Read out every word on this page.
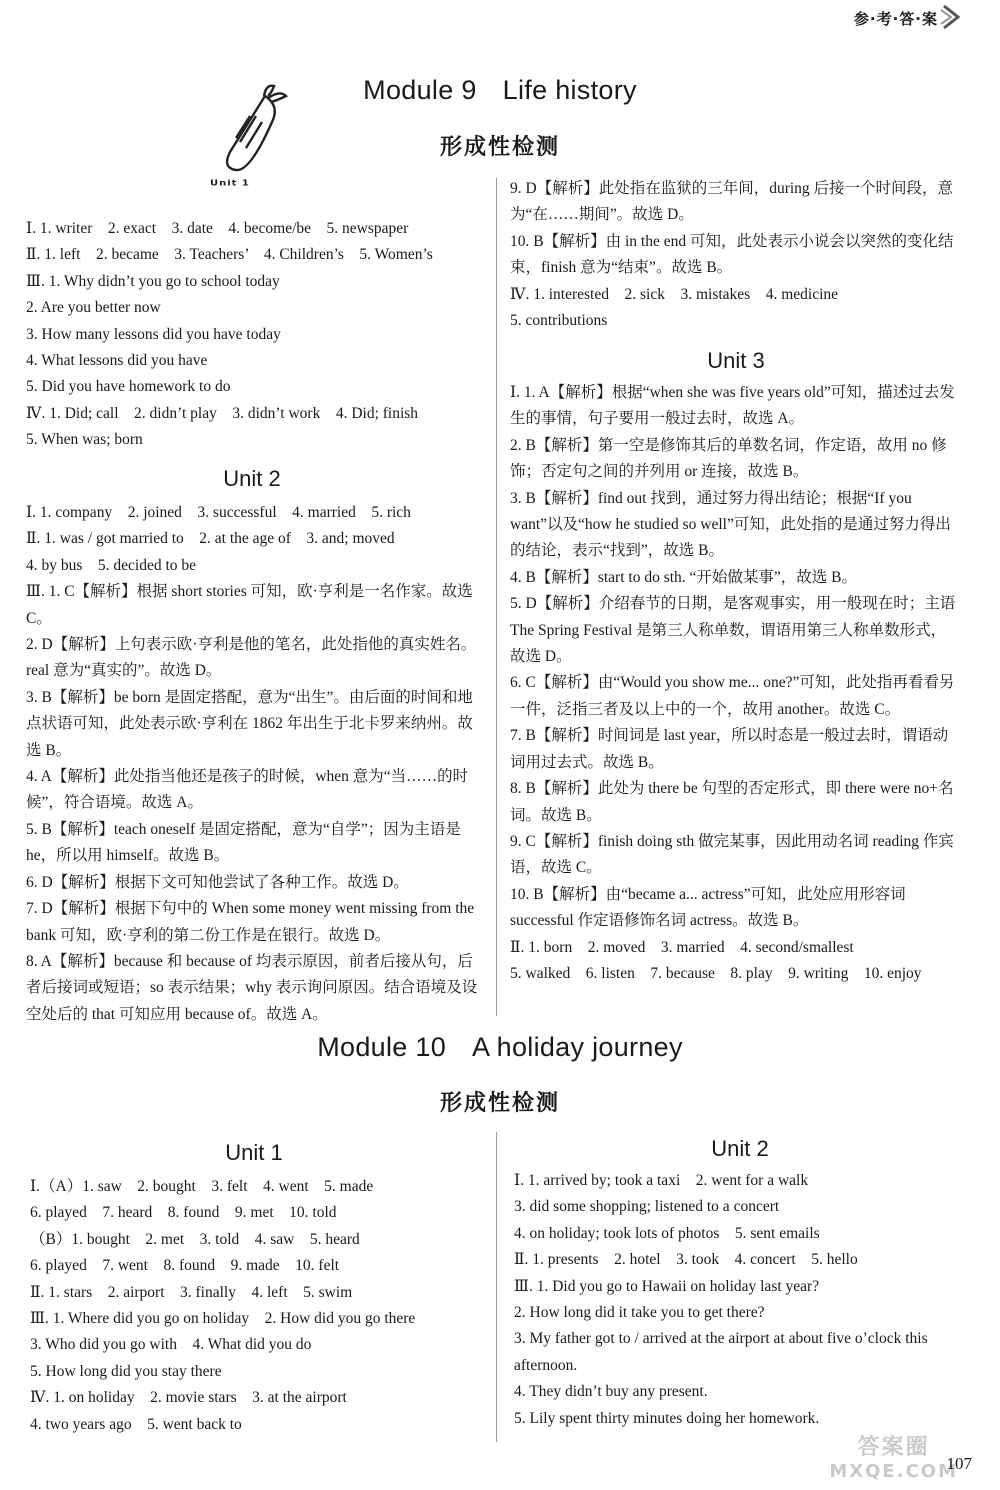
参·考·答·案
Unit 1
Module 9 Life history
形成性检测

Ⅰ. 1. writer　2. exact　3. date　4. become/be　5. newspaper

Ⅱ. 1. left　2. became　3. Teachers’　4. Children’s　5. Women’s

Ⅲ. 1. Why didn’t you go to school today

2. Are you better now

3. How many lessons did you have today

4. What lessons did you have

5. Did you have homework to do

Ⅳ. 1. Did; call　2. didn’t play　3. didn’t work　4. Did; finish

5. When was; born

Unit 2

Ⅰ. 1. company　2. joined　3. successful　4. married　5. rich

Ⅱ. 1. was / got married to　2. at the age of　3. and; moved

4. by bus　5. decided to be

Ⅲ. 1. C【解析】根据 short stories 可知，欧·亨利是一名作家。故选 C。

2. D【解析】上句表示欧·亨利是他的笔名，此处指他的真实姓名。real 意为“真实的”。故选 D。

3. B【解析】be born 是固定搭配，意为“出生”。由后面的时间和地点状语可知，此处表示欧·亨利在 1862 年出生于北卡罗来纳州。故选 B。

4. A【解析】此处指当他还是孩子的时候，when 意为“当……的时候”，符合语境。故选 A。

5. B【解析】teach oneself 是固定搭配，意为“自学”；因为主语是 he，所以用 himself。故选 B。

6. D【解析】根据下文可知他尝试了各种工作。故选 D。

7. D【解析】根据下句中的 When some money went missing from the bank 可知，欧·亨利的第二份工作是在银行。故选 D。

8. A【解析】because 和 because of 均表示原因，前者后接从句，后者后接词或短语；so 表示结果；why 表示询问原因。结合语境及设空处后的 that 可知应用 because of。故选 A。

9. D【解析】此处指在监狱的三年间，during 后接一个时间段，意为“在……期间”。故选 D。

10. B【解析】由 in the end 可知，此处表示小说会以突然的变化结束，finish 意为“结束”。故选 B。

Ⅳ. 1. interested　2. sick　3. mistakes　4. medicine

5. contributions

Unit 3

Ⅰ. 1. A【解析】根据“when she was five years old”可知，描述过去发生的事情，句子要用一般过去时，故选 A。

2. B【解析】第一空是修饰其后的单数名词，作定语，故用 no 修饰；否定句之间的并列用 or 连接，故选 B。

3. B【解析】find out 找到，通过努力得出结论；根据“If you want”以及“how he studied so well”可知，此处指的是通过努力得出的结论，表示“找到”，故选 B。

4. B【解析】start to do sth. “开始做某事”，故选 B。

5. D【解析】介绍春节的日期，是客观事实，用一般现在时；主语 The Spring Festival 是第三人称单数，谓语用第三人称单数形式，故选 D。

6. C【解析】由“Would you show me... one?”可知，此处指再看看另一件，泛指三者及以上中的一个，故用 another。故选 C。

7. B【解析】时间词是 last year，所以时态是一般过去时，谓语动词用过去式。故选 B。

8. B【解析】此处为 there be 句型的否定形式，即 there were no+名词。故选 B。

9. C【解析】finish doing sth 做完某事，因此用动名词 reading 作宾语，故选 C。

10. B【解析】由“became a... actress”可知，此处应用形容词 successful 作定语修饰名词 actress。故选 B。

Ⅱ. 1. born　2. moved　3. married　4. second/smallest

5. walked　6. listen　7. because　8. play　9. writing　10. enjoy

Module 10 A holiday journey
形成性检测
Unit 1

Ⅰ.（A）1. saw　2. bought　3. felt　4. went　5. made

6. played　7. heard　8. found　9. met　10. told

（B）1. bought　2. met　3. told　4. saw　5. heard

6. played　7. went　8. found　9. made　10. felt

Ⅱ. 1. stars　2. airport　3. finally　4. left　5. swim

Ⅲ. 1. Where did you go on holiday　2. How did you go there

3. Who did you go with　4. What did you do

5. How long did you stay there

Ⅳ. 1. on holiday　2. movie stars　3. at the airport

4. two years ago　5. went back to

Unit 2

Ⅰ. 1. arrived by; took a taxi　2. went for a walk

3. did some shopping; listened to a concert

4. on holiday; took lots of photos　5. sent emails

Ⅱ. 1. presents　2. hotel　3. took　4. concert　5. hello

Ⅲ. 1. Did you go to Hawaii on holiday last year?

2. How long did it take you to get there?

3. My father got to / arrived at the airport at about five o’clock this afternoon.

4. They didn’t buy any present.

5. Lily spent thirty minutes doing her homework.

答案圈
MXQE.COM
107
